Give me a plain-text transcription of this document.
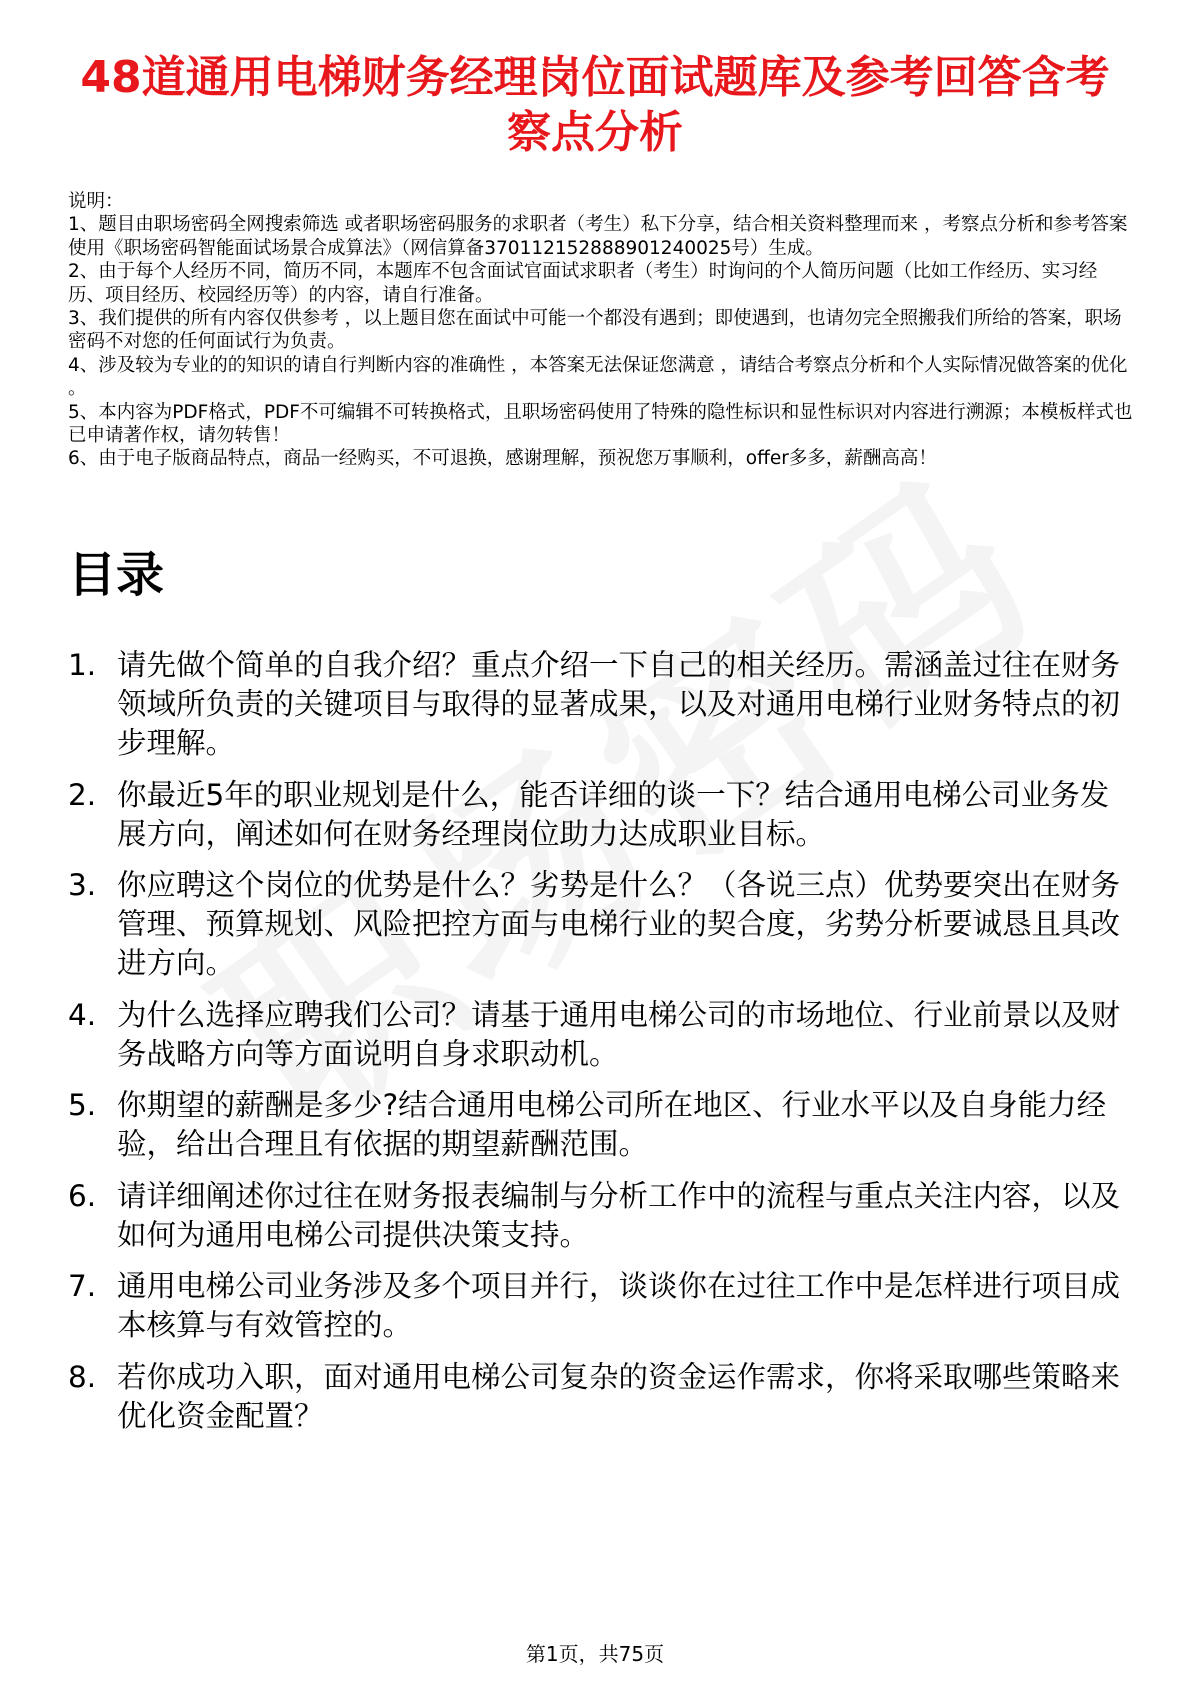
48道通用电梯财务经理岗位面试题库及参考回答含考察点分析
说明：
1、题目由职场密码全网搜索筛选 或者职场密码服务的求职者（考生）私下分享，结合相关资料整理而来 ，考察点分析和参考答案使用《职场密码智能面试场景合成算法》（网信算备370112152888901240025号）生成。
2、由于每个人经历不同，简历不同，本题库不包含面试官面试求职者（考生）时询问的个人简历问题（比如工作经历、实习经历、项目经历、校园经历等）的内容，请自行准备。
3、我们提供的所有内容仅供参考 ，以上题目您在面试中可能一个都没有遇到；即使遇到，也请勿完全照搬我们所给的答案，职场密码不对您的任何面试行为负责。
4、涉及较为专业的的知识的请自行判断内容的准确性 ，本答案无法保证您满意 ，请结合考察点分析和个人实际情况做答案的优化 。
5、本内容为PDF格式，PDF不可编辑不可转换格式，且职场密码使用了特殊的隐性标识和显性标识对内容进行溯源；本模板样式也已申请著作权，请勿转售！
6、由于电子版商品特点，商品一经购买，不可退换，感谢理解，预祝您万事顺利，offer多多，薪酬高高！
目录
1. 请先做个简单的自我介绍？重点介绍一下自己的相关经历。需涵盖过往在财务领域所负责的关键项目与取得的显著成果，以及对通用电梯行业财务特点的初步理解。
2. 你最近5年的职业规划是什么，能否详细的谈一下？结合通用电梯公司业务发展方向，阐述如何在财务经理岗位助力达成职业目标。
3. 你应聘这个岗位的优势是什么？劣势是什么？（各说三点）优势要突出在财务管理、预算规划、风险把控方面与电梯行业的契合度，劣势分析要诚恳且具改进方向。
4. 为什么选择应聘我们公司？请基于通用电梯公司的市场地位、行业前景以及财务战略方向等方面说明自身求职动机。
5. 你期望的薪酬是多少?结合通用电梯公司所在地区、行业水平以及自身能力经验，给出合理且有依据的期望薪酬范围。
6. 请详细阐述你过往在财务报表编制与分析工作中的流程与重点关注内容，以及如何为通用电梯公司提供决策支持。
7. 通用电梯公司业务涉及多个项目并行，谈谈你在过往工作中是怎样进行项目成本核算与有效管控的。
8. 若你成功入职，面对通用电梯公司复杂的资金运作需求，你将采取哪些策略来优化资金配置？
第1页，共75页
